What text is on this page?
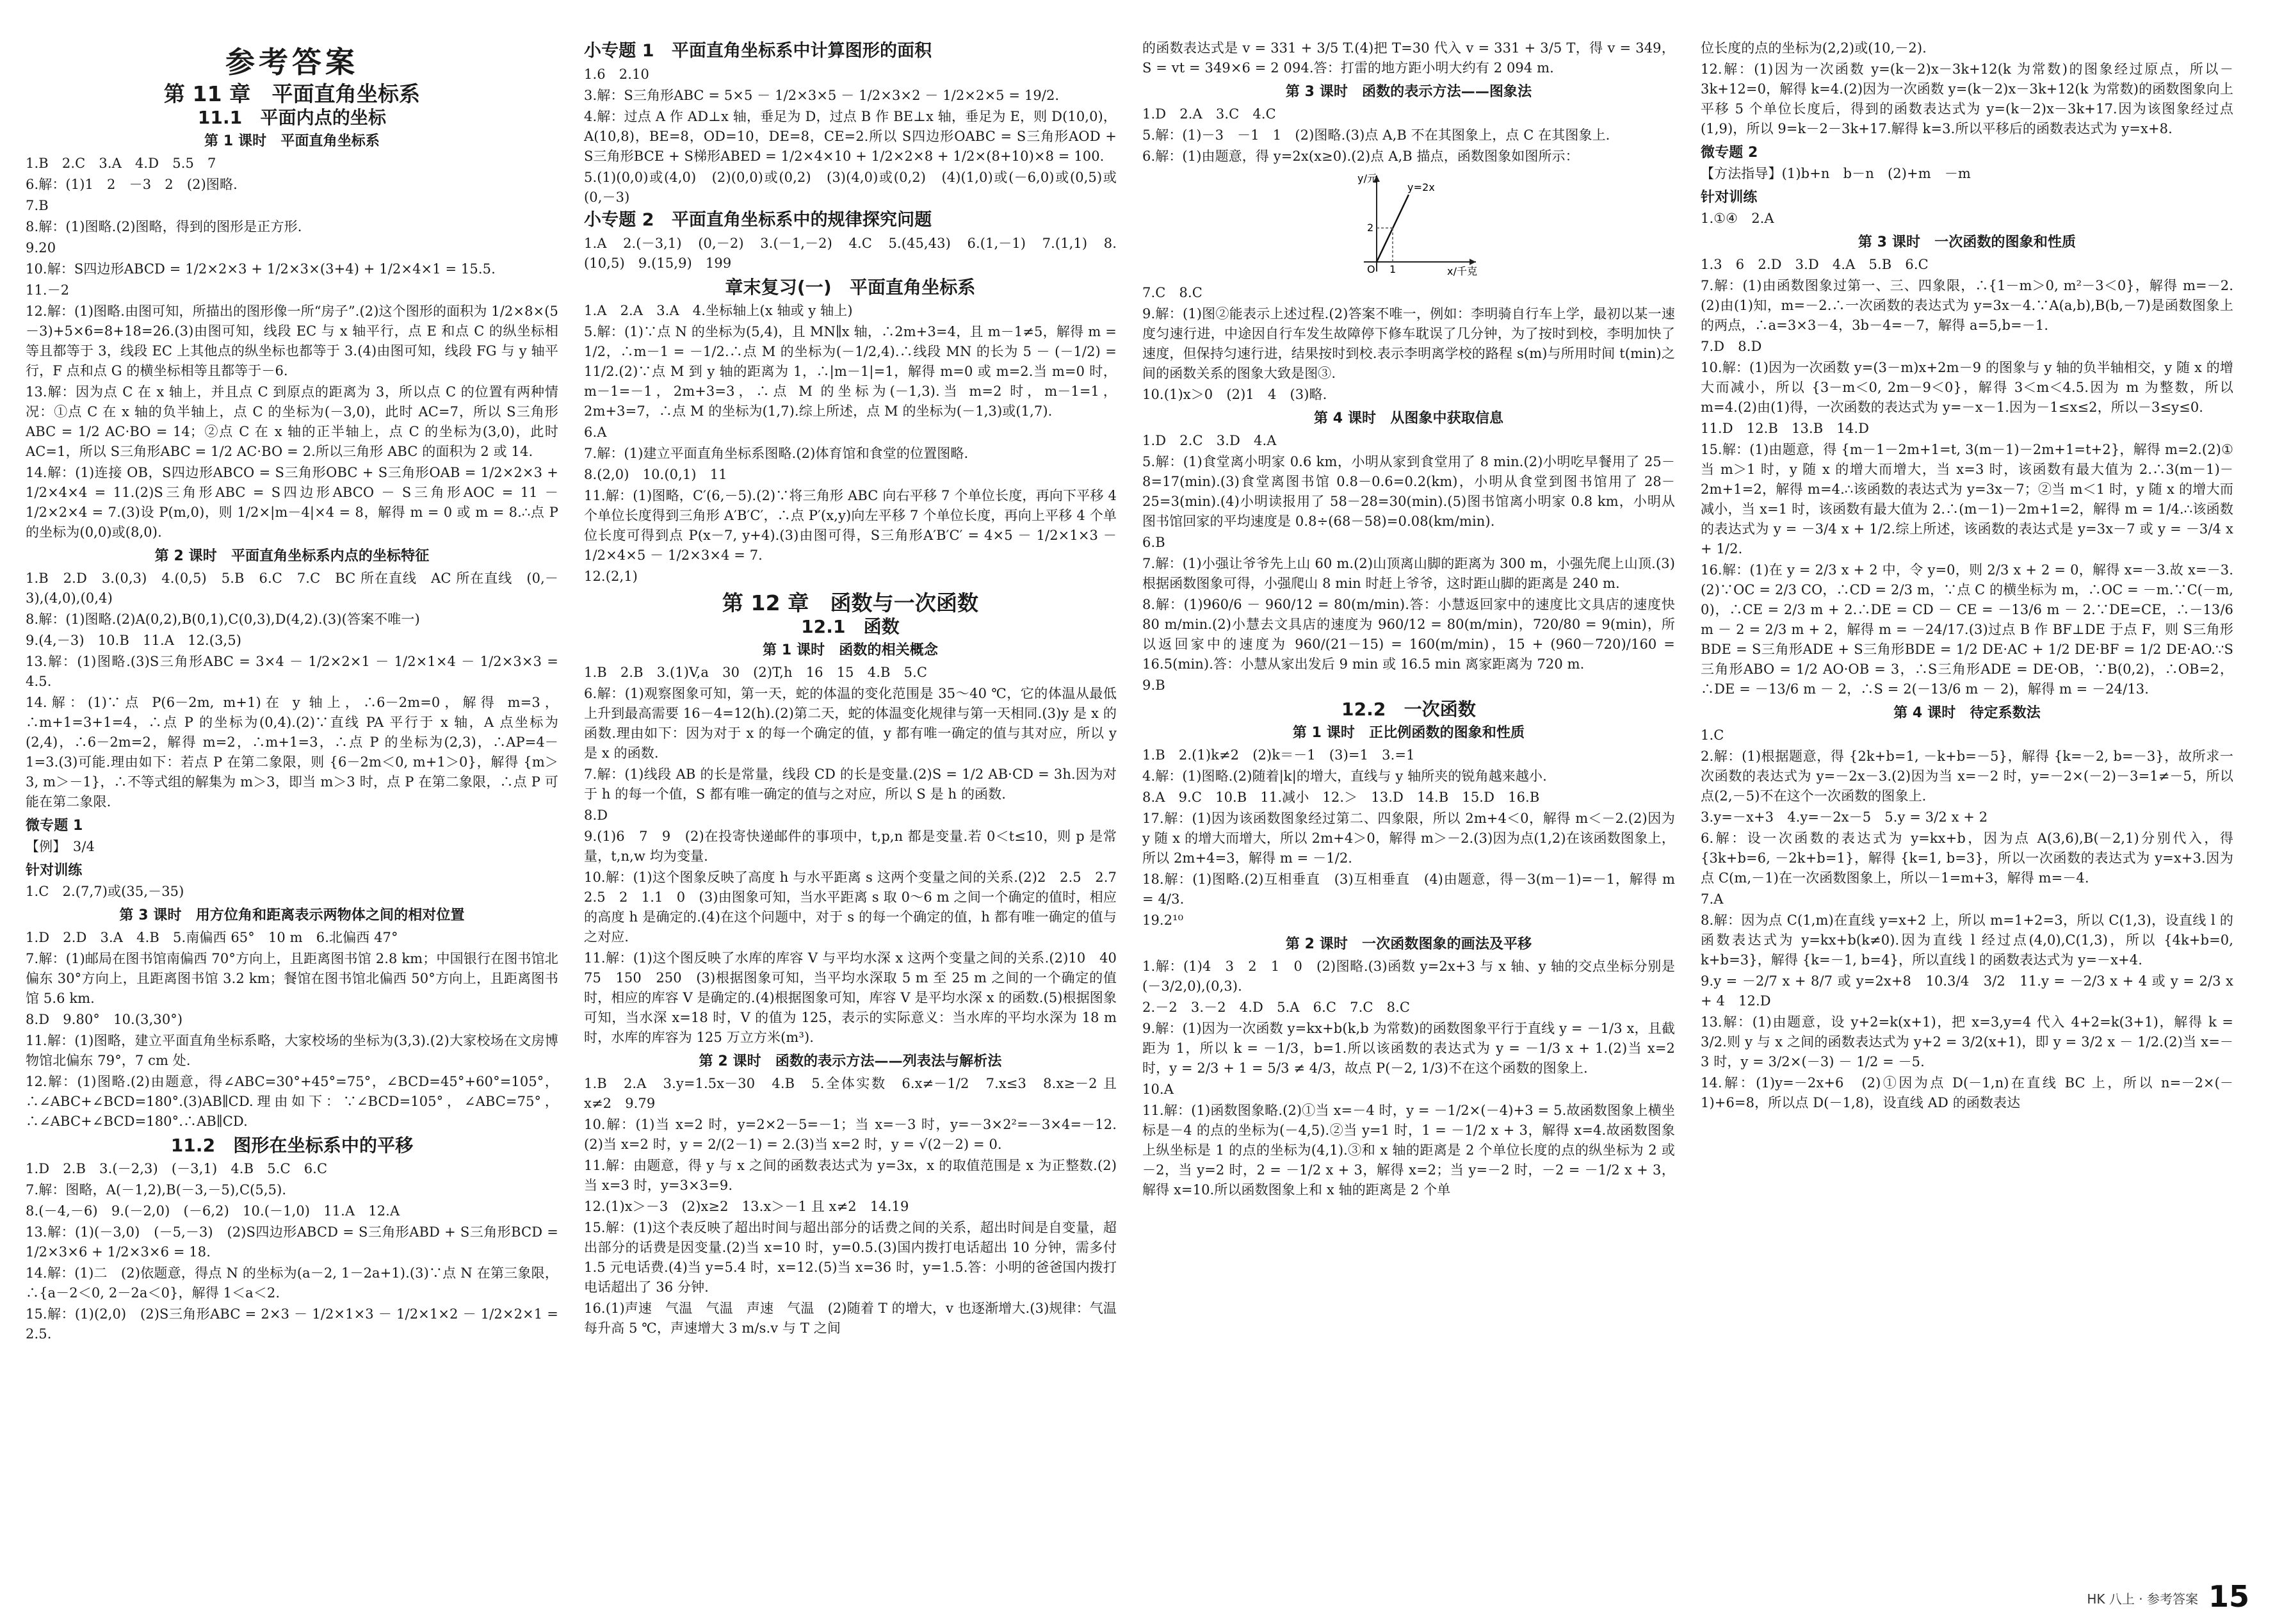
参考答案
第 11 章　平面直角坐标系
11.1　平面内点的坐标
第 1 课时　平面直角坐标系

1.B　2.C　3.A　4.D　5.5　7

6.解：(1)1　2　－3　2　(2)图略.

7.B

8.解：(1)图略.(2)图略，得到的图形是正方形.

9.20

10.解：S四边形ABCD = 1/2×2×3 + 1/2×3×(3+4) + 1/2×4×1 = 15.5.

11.－2

12.解：(1)图略.由图可知，所描出的图形像一所“房子”.(2)这个图形的面积为 1/2×8×(5－3)+5×6=8+18=26.(3)由图可知，线段 EC 与 x 轴平行，点 E 和点 C 的纵坐标相等且都等于 3，线段 EC 上其他点的纵坐标也都等于 3.(4)由图可知，线段 FG 与 y 轴平行，F 点和点 G 的横坐标相等且都等于－6.

13.解：因为点 C 在 x 轴上，并且点 C 到原点的距离为 3，所以点 C 的位置有两种情况：①点 C 在 x 轴的负半轴上，点 C 的坐标为(－3,0)，此时 AC=7，所以 S三角形ABC = 1/2 AC·BO = 14；②点 C 在 x 轴的正半轴上，点 C 的坐标为(3,0)，此时 AC=1，所以 S三角形ABC = 1/2 AC·BO = 2.所以三角形 ABC 的面积为 2 或 14.

14.解：(1)连接 OB，S四边形ABCO = S三角形OBC + S三角形OAB = 1/2×2×3 + 1/2×4×4 = 11.(2)S三角形ABC = S四边形ABCO － S三角形AOC = 11 － 1/2×2×4 = 7.(3)设 P(m,0)，则 1/2×|m－4|×4 = 8，解得 m = 0 或 m = 8.∴点 P 的坐标为(0,0)或(8,0).

第 2 课时　平面直角坐标系内点的坐标特征

1.B　2.D　3.(0,3)　4.(0,5)　5.B　6.C　7.C　BC 所在直线　AC 所在直线　(0,－3),(4,0),(0,4)

8.解：(1)图略.(2)A(0,2),B(0,1),C(0,3),D(4,2).(3)(答案不唯一)

9.(4,－3)　10.B　11.A　12.(3,5)

13.解：(1)图略.(3)S三角形ABC = 3×4 － 1/2×2×1 － 1/2×1×4 － 1/2×3×3 = 4.5.

14.解：(1)∵点 P(6－2m, m+1)在 y 轴上，∴6－2m=0，解得 m=3，∴m+1=3+1=4，∴点 P 的坐标为(0,4).(2)∵直线 PA 平行于 x 轴，A 点坐标为(2,4)，∴6－2m=2，解得 m=2，∴m+1=3，∴点 P 的坐标为(2,3)，∴AP=4－1=3.(3)可能.理由如下：若点 P 在第二象限，则 {6－2m＜0, m+1＞0}，解得 {m＞3, m＞－1}，∴不等式组的解集为 m＞3，即当 m＞3 时，点 P 在第二象限，∴点 P 可能在第二象限.

微专题 1

【例】　3/4

针对训练

1.C　2.(7,7)或(35,－35)

第 3 课时　用方位角和距离表示两物体之间的相对位置

1.D　2.D　3.A　4.B　5.南偏西 65°　10 m　6.北偏西 47°

7.解：(1)邮局在图书馆南偏西 70°方向上，且距离图书馆 2.8 km；中国银行在图书馆北偏东 30°方向上，且距离图书馆 3.2 km；餐馆在图书馆北偏西 50°方向上，且距离图书馆 5.6 km.

8.D　9.80°　10.(3,30°)

11.解：(1)图略，建立平面直角坐标系略，大家校场的坐标为(3,3).(2)大家校场在文房博物馆北偏东 79°，7 cm 处.

12.解：(1)图略.(2)由题意，得∠ABC=30°+45°=75°，∠BCD=45°+60°=105°，∴∠ABC+∠BCD=180°.(3)AB∥CD.理由如下：∵∠BCD=105°，∠ABC=75°，∴∠ABC+∠BCD=180°.∴AB∥CD.

11.2　图形在坐标系中的平移

1.D　2.B　3.(－2,3)　(－3,1)　4.B　5.C　6.C

7.解：图略，A(－1,2),B(－3,－5),C(5,5).

8.(－4,－6)　9.(－2,0)　(－6,2)　10.(－1,0)　11.A　12.A

13.解：(1)(－3,0)　(－5,－3)　(2)S四边形ABCD = S三角形ABD + S三角形BCD = 1/2×3×6 + 1/2×3×6 = 18.

14.解：(1)二　(2)依题意，得点 N 的坐标为(a－2, 1－2a+1).(3)∵点 N 在第三象限，∴{a－2＜0, 2－2a＜0}，解得 1＜a＜2.

15.解：(1)(2,0)　(2)S三角形ABC = 2×3 － 1/2×1×3 － 1/2×1×2 － 1/2×2×1 = 2.5.

小专题 1　平面直角坐标系中计算图形的面积

1.6　2.10

3.解：S三角形ABC = 5×5 － 1/2×3×5 － 1/2×3×2 － 1/2×2×5 = 19/2.

4.解：过点 A 作 AD⊥x 轴，垂足为 D，过点 B 作 BE⊥x 轴，垂足为 E，则 D(10,0)，A(10,8)，BE=8，OD=10，DE=8，CE=2.所以 S四边形OABC = S三角形AOD + S三角形BCE + S梯形ABED = 1/2×4×10 + 1/2×2×8 + 1/2×(8+10)×8 = 100.

5.(1)(0,0)或(4,0)　(2)(0,0)或(0,2)　(3)(4,0)或(0,2)　(4)(1,0)或(－6,0)或(0,5)或(0,－3)

小专题 2　平面直角坐标系中的规律探究问题

1.A　2.(－3,1)　(0,－2)　3.(－1,－2)　4.C　5.(45,43)　6.(1,－1)　7.(1,1)　8.(10,5)　9.(15,9)　199

章末复习(一)　平面直角坐标系

1.A　2.A　3.A　4.坐标轴上(x 轴或 y 轴上)

5.解：(1)∵点 N 的坐标为(5,4)，且 MN∥x 轴，∴2m+3=4，且 m－1≠5，解得 m = 1/2，∴m－1 = －1/2.∴点 M 的坐标为(－1/2,4).∴线段 MN 的长为 5 － (－1/2) = 11/2.(2)∵点 M 到 y 轴的距离为 1，∴|m－1|=1，解得 m=0 或 m=2.当 m=0 时，m－1=－1，2m+3=3，∴点 M 的坐标为(－1,3).当 m=2 时，m－1=1，2m+3=7，∴点 M 的坐标为(1,7).综上所述，点 M 的坐标为(－1,3)或(1,7).

6.A

7.解：(1)建立平面直角坐标系图略.(2)体育馆和食堂的位置图略.

8.(2,0)　10.(0,1)　11

11.解：(1)图略，C′(6,－5).(2)∵将三角形 ABC 向右平移 7 个单位长度，再向下平移 4 个单位长度得到三角形 A′B′C′，∴点 P′(x,y)向左平移 7 个单位长度，再向上平移 4 个单位长度可得到点 P(x－7, y+4).(3)由图可得，S三角形A′B′C′ = 4×5 － 1/2×1×3 － 1/2×4×5 － 1/2×3×4 = 7.

12.(2,1)

第 12 章　函数与一次函数
12.1　函数
第 1 课时　函数的相关概念

1.B　2.B　3.(1)V,a　30　(2)T,h　16　15　4.B　5.C

6.解：(1)观察图象可知，第一天，蛇的体温的变化范围是 35～40 ℃，它的体温从最低上升到最高需要 16－4=12(h).(2)第二天，蛇的体温变化规律与第一天相同.(3)y 是 x 的函数.理由如下：因为对于 x 的每一个确定的值，y 都有唯一确定的值与其对应，所以 y 是 x 的函数.

7.解：(1)线段 AB 的长是常量，线段 CD 的长是变量.(2)S = 1/2 AB·CD = 3h.因为对于 h 的每一个值，S 都有唯一确定的值与之对应，所以 S 是 h 的函数.

8.D

9.(1)6　7　9　(2)在投寄快递邮件的事项中，t,p,n 都是变量.若 0＜t≤10，则 p 是常量，t,n,w 均为变量.

10.解：(1)这个图象反映了高度 h 与水平距离 s 这两个变量之间的关系.(2)2　2.5　2.7　2.5　2　1.1　0　(3)由图象可知，当水平距离 s 取 0～6 m 之间一个确定的值时，相应的高度 h 是确定的.(4)在这个问题中，对于 s 的每一个确定的值，h 都有唯一确定的值与之对应.

11.解：(1)这个图反映了水库的库容 V 与平均水深 x 这两个变量之间的关系.(2)10　40　75　150　250　(3)根据图象可知，当平均水深取 5 m 至 25 m 之间的一个确定的值时，相应的库容 V 是确定的.(4)根据图象可知，库容 V 是平均水深 x 的函数.(5)根据图象可知，当水深 x=18 时，V 的值为 125，表示的实际意义：当水库的平均水深为 18 m 时，水库的库容为 125 万立方米(m³).

第 2 课时　函数的表示方法——列表法与解析法

1.B　2.A　3.y=1.5x－30　4.B　5.全体实数　6.x≠－1/2　7.x≤3　8.x≥－2 且 x≠2　9.79

10.解：(1)当 x=2 时，y=2×2－5=－1；当 x=－3 时，y=－3×2²=－3×4=－12.(2)当 x=2 时，y = 2/(2－1) = 2.(3)当 x=2 时，y = √(2－2) = 0.

11.解：由题意，得 y 与 x 之间的函数表达式为 y=3x，x 的取值范围是 x 为正整数.(2)当 x=3 时，y=3×3=9.

12.(1)x＞－3　(2)x≥2　13.x＞－1 且 x≠2　14.19

15.解：(1)这个表反映了超出时间与超出部分的话费之间的关系，超出时间是自变量，超出部分的话费是因变量.(2)当 x=10 时，y=0.5.(3)国内拨打电话超出 10 分钟，需多付 1.5 元电话费.(4)当 y=5.4 时，x=12.(5)当 x=36 时，y=1.5.答：小明的爸爸国内拨打电话超出了 36 分钟.

16.(1)声速　气温　气温　声速　气温　(2)随着 T 的增大，v 也逐渐增大.(3)规律：气温每升高 5 ℃，声速增大 3 m/s.v 与 T 之间

的函数表达式是 v = 331 + 3/5 T.(4)把 T=30 代入 v = 331 + 3/5 T，得 v = 349，S = vt = 349×6 = 2 094.答：打雷的地方距小明大约有 2 094 m.

第 3 课时　函数的表示方法——图象法

1.D　2.A　3.C　4.C

5.解：(1)－3　－1　1　(2)图略.(3)点 A,B 不在其图象上，点 C 在其图象上.

6.解：(1)由题意，得 y=2x(x≥0).(2)点 A,B 描点，函数图象如图所示：

y/元
y=2x
x/千克
O 1
2

7.C　8.C

9.解：(1)图②能表示上述过程.(2)答案不唯一，例如：李明骑自行车上学，最初以某一速度匀速行进，中途因自行车发生故障停下修车耽误了几分钟，为了按时到校，李明加快了速度，但保持匀速行进，结果按时到校.表示李明离学校的路程 s(m)与所用时间 t(min)之间的函数关系的图象大致是图③.

10.(1)x＞0　(2)1　4　(3)略.

第 4 课时　从图象中获取信息

1.D　2.C　3.D　4.A

5.解：(1)食堂离小明家 0.6 km，小明从家到食堂用了 8 min.(2)小明吃早餐用了 25－8=17(min).(3)食堂离图书馆 0.8－0.6=0.2(km)，小明从食堂到图书馆用了 28－25=3(min).(4)小明读报用了 58－28=30(min).(5)图书馆离小明家 0.8 km，小明从图书馆回家的平均速度是 0.8÷(68－58)=0.08(km/min).

6.B

7.解：(1)小强让爷爷先上山 60 m.(2)山顶离山脚的距离为 300 m，小强先爬上山顶.(3)根据函数图象可得，小强爬山 8 min 时赶上爷爷，这时距山脚的距离是 240 m.

8.解：(1)960/6 － 960/12 = 80(m/min).答：小慧返回家中的速度比文具店的速度快 80 m/min.(2)小慧去文具店的速度为 960/12 = 80(m/min)，720/80 = 9(min)，所以返回家中的速度为 960/(21－15) = 160(m/min)，15 + (960－720)/160 = 16.5(min).答：小慧从家出发后 9 min 或 16.5 min 离家距离为 720 m.

9.B

12.2　一次函数
第 1 课时　正比例函数的图象和性质

1.B　2.(1)k≠2　(2)k＝－1　(3)=1　3.=1

4.解：(1)图略.(2)随着|k|的增大，直线与 y 轴所夹的锐角越来越小.

8.A　9.C　10.B　11.减小　12.＞　13.D　14.B　15.D　16.B

17.解：(1)因为该函数图象经过第二、四象限，所以 2m+4＜0，解得 m＜－2.(2)因为 y 随 x 的增大而增大，所以 2m+4＞0，解得 m＞－2.(3)因为点(1,2)在该函数图象上，所以 2m+4=3，解得 m = －1/2.

18.解：(1)图略.(2)互相垂直　(3)互相垂直　(4)由题意，得－3(m－1)=－1，解得 m = 4/3.

19.2¹⁰

第 2 课时　一次函数图象的画法及平移

1.解：(1)4　3　2　1　0　(2)图略.(3)函数 y=2x+3 与 x 轴、y 轴的交点坐标分别是(－3/2,0),(0,3).

2.－2　3.－2　4.D　5.A　6.C　7.C　8.C

9.解：(1)因为一次函数 y=kx+b(k,b 为常数)的函数图象平行于直线 y = －1/3 x，且截距为 1，所以 k = －1/3，b=1.所以该函数的表达式为 y = －1/3 x + 1.(2)当 x=2 时，y = 2/3 + 1 = 5/3 ≠ 4/3，故点 P(－2, 1/3)不在这个函数的图象上.

10.A

11.解：(1)函数图象略.(2)①当 x=－4 时，y = －1/2×(－4)+3 = 5.故函数图象上横坐标是－4 的点的坐标为(－4,5).②当 y=1 时，1 = －1/2 x + 3，解得 x=4.故函数图象上纵坐标是 1 的点的坐标为(4,1).③和 x 轴的距离是 2 个单位长度的点的纵坐标为 2 或－2，当 y=2 时，2 = －1/2 x + 3，解得 x=2；当 y=－2 时，－2 = －1/2 x + 3，解得 x=10.所以函数图象上和 x 轴的距离是 2 个单

位长度的点的坐标为(2,2)或(10,－2).

12.解：(1)因为一次函数 y=(k－2)x－3k+12(k 为常数)的图象经过原点，所以－3k+12=0，解得 k=4.(2)因为一次函数 y=(k－2)x－3k+12(k 为常数)的函数图象向上平移 5 个单位长度后，得到的函数表达式为 y=(k－2)x－3k+17.因为该图象经过点(1,9)，所以 9=k－2－3k+17.解得 k=3.所以平移后的函数表达式为 y=x+8.

微专题 2

【方法指导】(1)b+n　b－n　(2)+m　－m

针对训练

1.①④　2.A

第 3 课时　一次函数的图象和性质

1.3　6　2.D　3.D　4.A　5.B　6.C

7.解：(1)由函数图象过第一、三、四象限，∴{1－m＞0, m²－3＜0}，解得 m=－2.(2)由(1)知，m=－2.∴一次函数的表达式为 y=3x－4.∵A(a,b),B(b,－7)是函数图象上的两点，∴a=3×3－4，3b－4=－7，解得 a=5,b=－1.

7.D　8.D

10.解：(1)因为一次函数 y=(3－m)x+2m－9 的图象与 y 轴的负半轴相交，y 随 x 的增大而减小，所以 {3－m＜0, 2m－9＜0}，解得 3＜m＜4.5.因为 m 为整数，所以 m=4.(2)由(1)得，一次函数的表达式为 y=－x－1.因为－1≤x≤2，所以－3≤y≤0.

11.D　12.B　13.B　14.D

15.解：(1)由题意，得 {m－1－2m+1=t, 3(m－1)－2m+1=t+2}，解得 m=2.(2)①当 m＞1 时，y 随 x 的增大而增大，当 x=3 时，该函数有最大值为 2.∴3(m－1)－2m+1=2，解得 m=4.∴该函数的表达式为 y=3x－7；②当 m＜1 时，y 随 x 的增大而减小，当 x=1 时，该函数有最大值为 2.∴(m－1)－2m+1=2，解得 m = 1/4.∴该函数的表达式为 y = －3/4 x + 1/2.综上所述，该函数的表达式是 y=3x－7 或 y = －3/4 x + 1/2.

16.解：(1)在 y = 2/3 x + 2 中，令 y=0，则 2/3 x + 2 = 0，解得 x=－3.故 x=－3.(2)∵OC = 2/3 CO，∴CD = 2/3 m，∵点 C 的横坐标为 m，∴OC = －m.∵C(－m, 0)，∴CE = 2/3 m + 2.∴DE = CD － CE = －13/6 m － 2.∵DE=CE，∴－13/6 m － 2 = 2/3 m + 2，解得 m = －24/17.(3)过点 B 作 BF⊥DE 于点 F，则 S三角形BDE = S三角形ADE + S三角形BDE = 1/2 DE·AC + 1/2 DE·BF = 1/2 DE·AO.∵S三角形ABO = 1/2 AO·OB = 3，∴S三角形ADE = DE·OB，∵B(0,2)，∴OB=2，∴DE = －13/6 m － 2，∴S = 2(－13/6 m － 2)，解得 m = －24/13.

第 4 课时　待定系数法

1.C

2.解：(1)根据题意，得 {2k+b=1, －k+b=－5}，解得 {k=－2, b=－3}，故所求一次函数的表达式为 y=－2x－3.(2)因为当 x=－2 时，y=－2×(－2)－3=1≠－5，所以点(2,－5)不在这个一次函数的图象上.

3.y=－x+3　4.y=－2x－5　5.y = 3/2 x + 2

6.解：设一次函数的表达式为 y=kx+b，因为点 A(3,6),B(－2,1)分别代入，得 {3k+b=6, －2k+b=1}，解得 {k=1, b=3}，所以一次函数的表达式为 y=x+3.因为点 C(m,－1)在一次函数图象上，所以－1=m+3，解得 m=－4.

7.A

8.解：因为点 C(1,m)在直线 y=x+2 上，所以 m=1+2=3，所以 C(1,3)，设直线 l 的函数表达式为 y=kx+b(k≠0).因为直线 l 经过点(4,0),C(1,3)，所以 {4k+b=0, k+b=3}，解得 {k=－1, b=4}，所以直线 l 的函数表达式为 y=－x+4.

9.y = －2/7 x + 8/7 或 y=2x+8　10.3/4　3/2　11.y = －2/3 x + 4 或 y = 2/3 x + 4　12.D

13.解：(1)由题意，设 y+2=k(x+1)，把 x=3,y=4 代入 4+2=k(3+1)，解得 k = 3/2.则 y 与 x 之间的函数表达式为 y+2 = 3/2(x+1)，即 y = 3/2 x － 1/2.(2)当 x=－3 时，y = 3/2×(－3) － 1/2 = －5.

14.解：(1)y=－2x+6　(2)①因为点 D(－1,n)在直线 BC 上，所以 n=－2×(－1)+6=8，所以点 D(－1,8)，设直线 AD 的函数表达

HK 八上 · 参考答案 15
